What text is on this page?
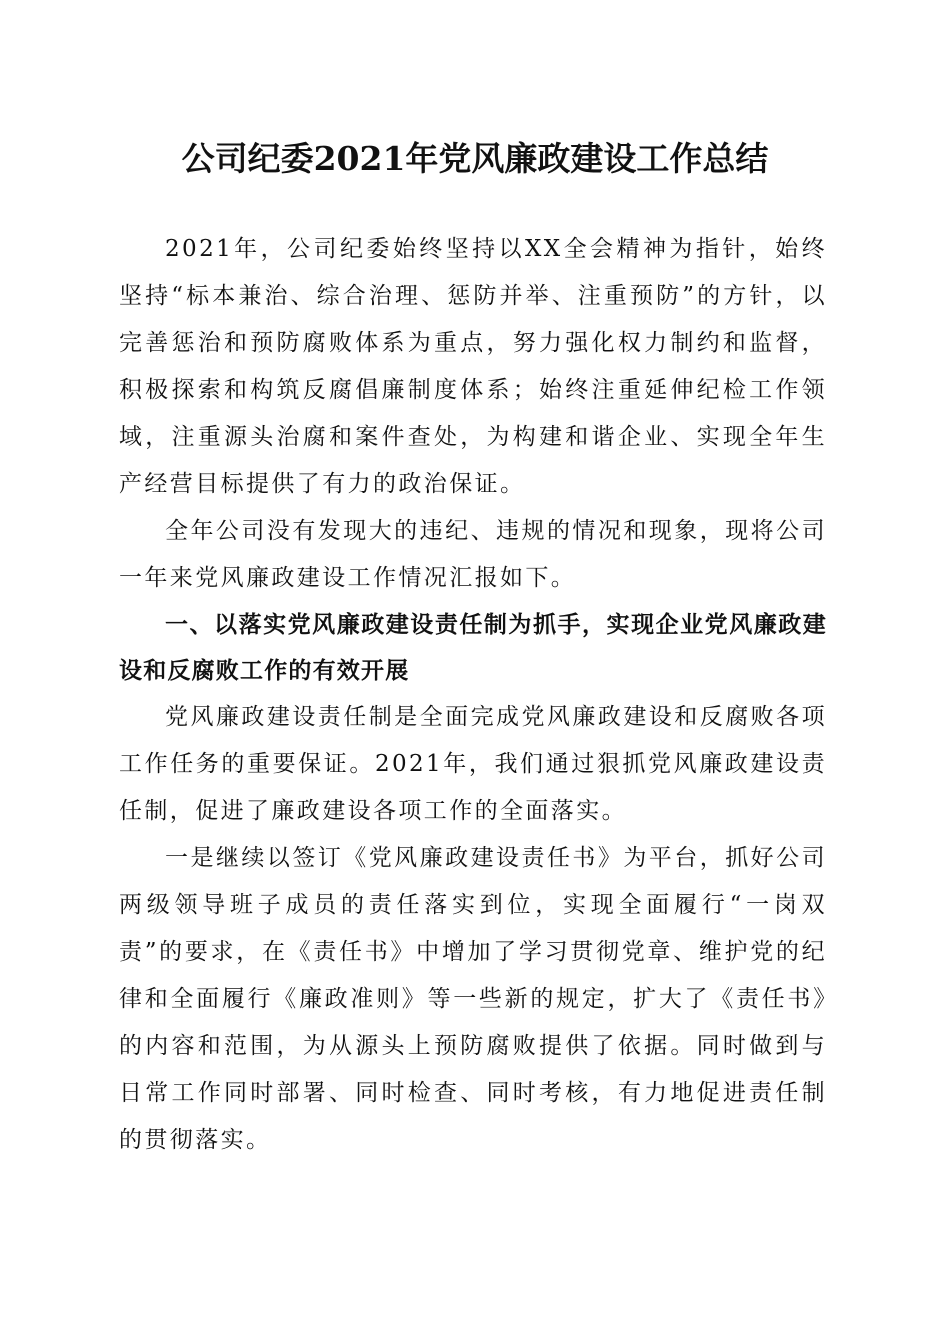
公司纪委2021年党风廉政建设工作总结

2021年，公司纪委始终坚持以XX全会精神为指针，始终坚持“标本兼治、综合治理、惩防并举、注重预防”的方针，以完善惩治和预防腐败体系为重点，努力强化权力制约和监督，积极探索和构筑反腐倡廉制度体系；始终注重延伸纪检工作领域，注重源头治腐和案件查处，为构建和谐企业、实现全年生产经营目标提供了有力的政治保证。

全年公司没有发现大的违纪、违规的情况和现象，现将公司一年来党风廉政建设工作情况汇报如下。

一、以落实党风廉政建设责任制为抓手，实现企业党风廉政建设和反腐败工作的有效开展

党风廉政建设责任制是全面完成党风廉政建设和反腐败各项工作任务的重要保证。2021年，我们通过狠抓党风廉政建设责任制，促进了廉政建设各项工作的全面落实。

一是继续以签订《党风廉政建设责任书》为平台，抓好公司两级领导班子成员的责任落实到位，实现全面履行“一岗双责”的要求，在《责任书》中增加了学习贯彻党章、维护党的纪律和全面履行《廉政准则》等一些新的规定，扩大了《责任书》的内容和范围，为从源头上预防腐败提供了依据。同时做到与日常工作同时部署、同时检查、同时考核，有力地促进责任制的贯彻落实。
